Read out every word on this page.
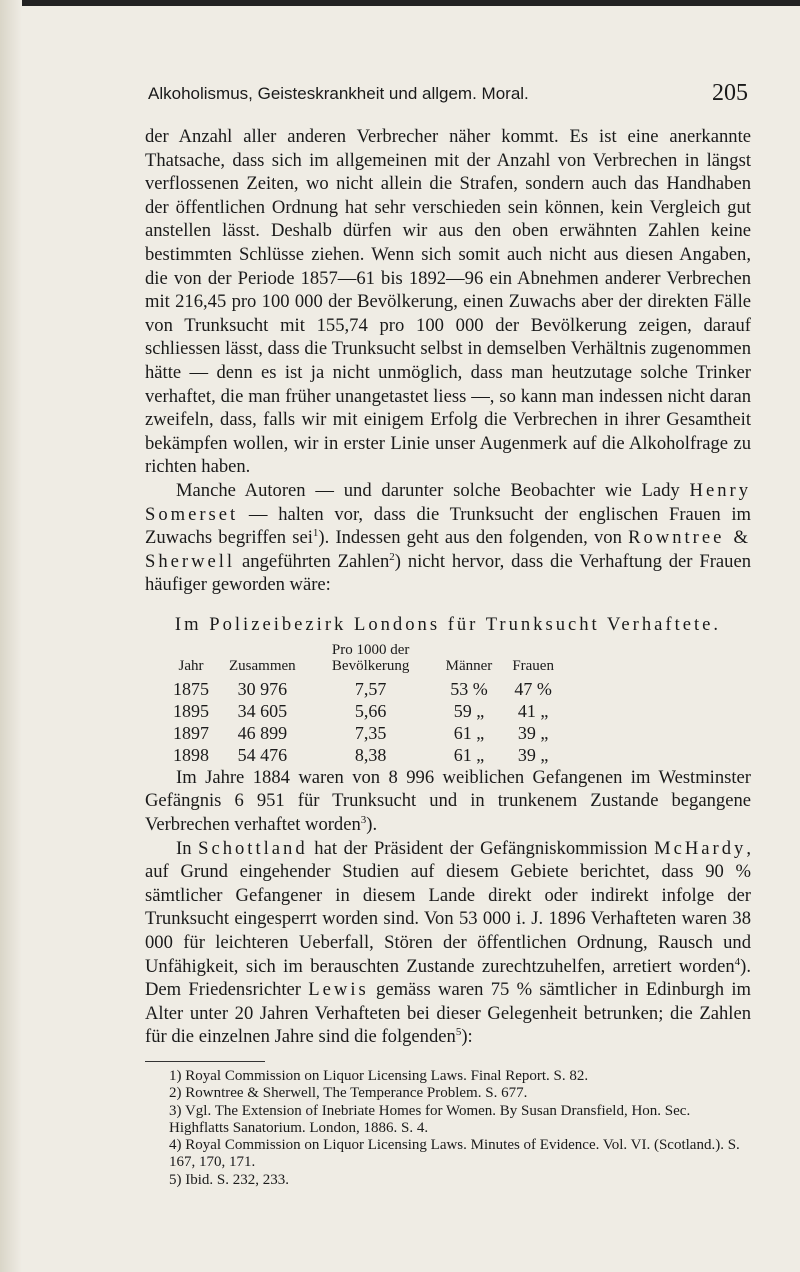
Alkoholismus, Geisteskrankheit und allgem. Moral.	205

der Anzahl aller anderen Verbrecher näher kommt. Es ist eine anerkannte Thatsache, dass sich im allgemeinen mit der Anzahl von Verbrechen in längst verflossenen Zeiten, wo nicht allein die Strafen, sondern auch das Handhaben der öffentlichen Ordnung hat sehr verschieden sein können, kein Vergleich gut anstellen lässt. Deshalb dürfen wir aus den oben erwähnten Zahlen keine bestimmten Schlüsse ziehen. Wenn sich somit auch nicht aus diesen Angaben, die von der Periode 1857—61 bis 1892—96 ein Abnehmen anderer Verbrechen mit 216,45 pro 100 000 der Bevölkerung, einen Zuwachs aber der direkten Fälle von Trunksucht mit 155,74 pro 100 000 der Bevölkerung zeigen, darauf schliessen lässt, dass die Trunksucht selbst in demselben Verhältnis zugenommen hätte — denn es ist ja nicht unmöglich, dass man heutzutage solche Trinker verhaftet, die man früher unangetastet liess —, so kann man indessen nicht daran zweifeln, dass, falls wir mit einigem Erfolg die Verbrechen in ihrer Gesamtheit bekämpfen wollen, wir in erster Linie unser Augenmerk auf die Alkoholfrage zu richten haben.

Manche Autoren — und darunter solche Beobachter wie Lady Henry Somerset — halten vor, dass die Trunksucht der englischen Frauen im Zuwachs begriffen sei$^1$). Indessen geht aus den folgenden, von Rowntree & Sherwell angeführten Zahlen$^2$) nicht hervor, dass die Verhaftung der Frauen häufiger geworden wäre:

Im Polizeibezirk Londons für Trunksucht Verhaftete.
Jahr	Zusammen	Pro 1000 der Bevölkerung	Männer	Frauen
1875	30 976	7,57	53 %	47 %
1895	34 605	5,66	59 „	41 „
1897	46 899	7,35	61 „	39 „
1898	54 476	8,38	61 „	39 „

Im Jahre 1884 waren von 8 996 weiblichen Gefangenen im Westminster Gefängnis 6 951 für Trunksucht und in trunkenem Zustande begangene Verbrechen verhaftet worden$^3$).

In Schottland hat der Präsident der Gefängniskommission McHardy, auf Grund eingehender Studien auf diesem Gebiete berichtet, dass 90 % sämtlicher Gefangener in diesem Lande direkt oder indirekt infolge der Trunksucht eingesperrt worden sind. Von 53 000 i. J. 1896 Verhafteten waren 38 000 für leichteren Ueberfall, Stören der öffentlichen Ordnung, Rausch und Unfähigkeit, sich im berauschten Zustande zurechtzuhelfen, arretiert worden$^4$). Dem Friedensrichter Lewis gemäss waren 75 % sämtlicher in Edinburgh im Alter unter 20 Jahren Verhafteten bei dieser Gelegenheit betrunken; die Zahlen für die einzelnen Jahre sind die folgenden$^5$):

1) Royal Commission on Liquor Licensing Laws. Final Report. S. 82.
2) Rowntree & Sherwell, The Temperance Problem. S. 677.
3) Vgl. The Extension of Inebriate Homes for Women. By Susan Dransfield, Hon. Sec. Highflatts Sanatorium. London, 1886. S. 4.
4) Royal Commission on Liquor Licensing Laws. Minutes of Evidence. Vol. VI. (Scotland.). S. 167, 170, 171.
5) Ibid. S. 232, 233.
